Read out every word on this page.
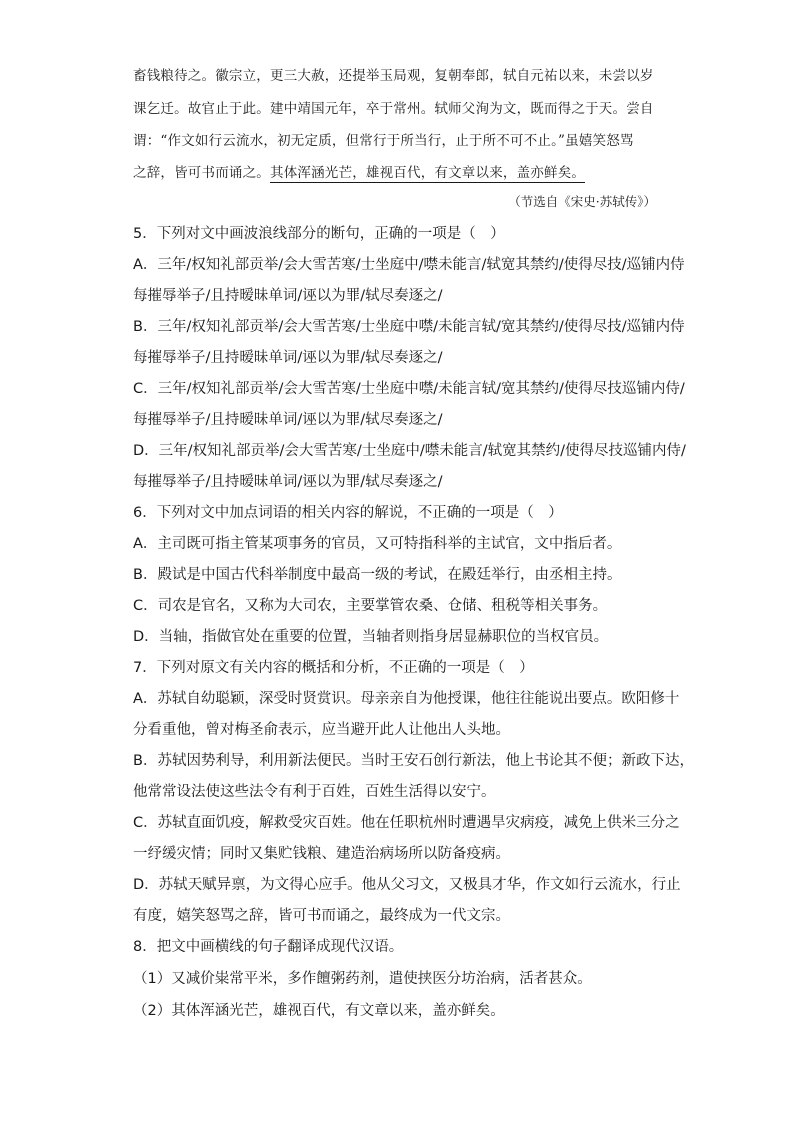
畜钱粮待之。徽宗立，更三大赦，还提举玉局观，复朝奉郎，轼自元祐以来，未尝以岁
课乞迁。故官止于此。建中靖国元年，卒于常州。轼师父洵为文，既而得之于天。尝自
谓：“作文如行云流水，初无定质，但常行于所当行，止于所不可不止。”虽嬉笑怒骂
之辞，皆可书而诵之。其体浑涵光芒，雄视百代，有文章以来，盖亦鲜矣。
（节选自《宋史·苏轼传》）
5．下列对文中画波浪线部分的断句，正确的一项是（　）
A．三年/权知礼部贡举/会大雪苦寒/士坐庭中/噤未能言/轼宽其禁约/使得尽技/巡铺内侍
每摧辱举子/且持暧昧单词/诬以为罪/轼尽奏逐之/
B．三年/权知礼部贡举/会大雪苦寒/士坐庭中噤/未能言轼/宽其禁约/使得尽技/巡铺内侍
每摧辱举子/且持暧昧单词/诬以为罪/轼尽奏逐之/
C．三年/权知礼部贡举/会大雪苦寒/士坐庭中噤/未能言轼/宽其禁约/使得尽技巡铺内侍/
每摧辱举子/且持暧昧单词/诬以为罪/轼尽奏逐之/
D．三年/权知礼部贡举/会大雪苦寒/士坐庭中/噤未能言/轼宽其禁约/使得尽技巡铺内侍/
每摧辱举子/且持暧昧单词/诬以为罪/轼尽奏逐之/
6．下列对文中加点词语的相关内容的解说，不正确的一项是（　）
A．主司既可指主管某项事务的官员，又可特指科举的主试官，文中指后者。
B．殿试是中国古代科举制度中最高一级的考试，在殿廷举行，由丞相主持。
C．司农是官名，又称为大司农，主要掌管农桑、仓储、租税等相关事务。
D．当轴，指做官处在重要的位置，当轴者则指身居显赫职位的当权官员。
7．下列对原文有关内容的概括和分析，不正确的一项是（　）
A．苏轼自幼聪颖，深受时贤赏识。母亲亲自为他授课，他往往能说出要点。欧阳修十
分看重他，曾对梅圣俞表示，应当避开此人让他出人头地。
B．苏轼因势利导，利用新法便民。当时王安石创行新法，他上书论其不便；新政下达，
他常常设法使这些法令有利于百姓，百姓生活得以安宁。
C．苏轼直面饥疫，解救受灾百姓。他在任职杭州时遭遇旱灾病疫，减免上供米三分之
一纾缓灾情；同时又集贮钱粮、建造治病场所以防备疫病。
D．苏轼天赋异禀，为文得心应手。他从父习文，又极具才华，作文如行云流水，行止
有度，嬉笑怒骂之辞，皆可书而诵之，最终成为一代文宗。
8．把文中画横线的句子翻译成现代汉语。
（1）又减价粜常平米，多作饘粥药剂，遣使挟医分坊治病，活者甚众。
（2）其体浑涵光芒，雄视百代，有文章以来，盖亦鲜矣。
